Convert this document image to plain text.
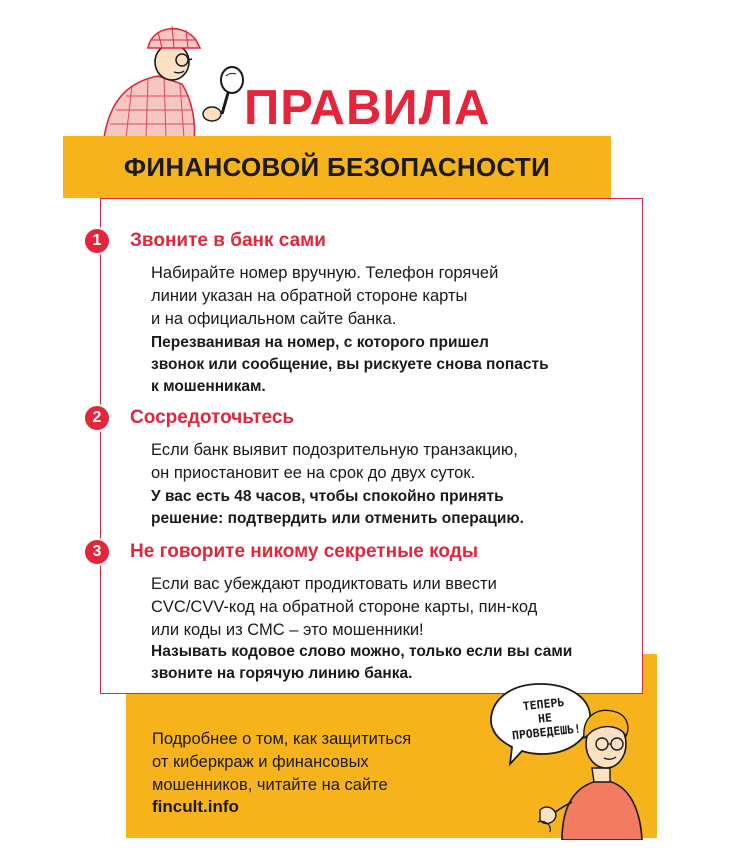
ПРАВИЛА
ФИНАНСОВОЙ БЕЗОПАСНОСТИ
1	Звоните в банк сами
Набирайте номер вручную. Телефон горячей
линии указан на обратной стороне карты
и на официальном сайте банка.
Перезванивая на номер, с которого пришел
звонок или сообщение, вы рискуете снова попасть
к мошенникам.
2	Сосредоточьтесь
Если банк выявит подозрительную транзакцию,
он приостановит ее на срок до двух суток.
У вас есть 48 часов, чтобы спокойно принять
решение: подтвердить или отменить операцию.
3	Не говорите никому секретные коды
Если вас убеждают продиктовать или ввести
CVC/CVV-код на обратной стороне карты, пин-код
или коды из СМС – это мошенники!
Называть кодовое слово можно, только если вы сами
звоните на горячую линию банка.
Подробнее о том, как защититься
от киберкраж и финансовых
мошенников, читайте на сайте
fincult.info
ТЕПЕРЬ
НЕ
ПРОВЕДЕШЬ!
